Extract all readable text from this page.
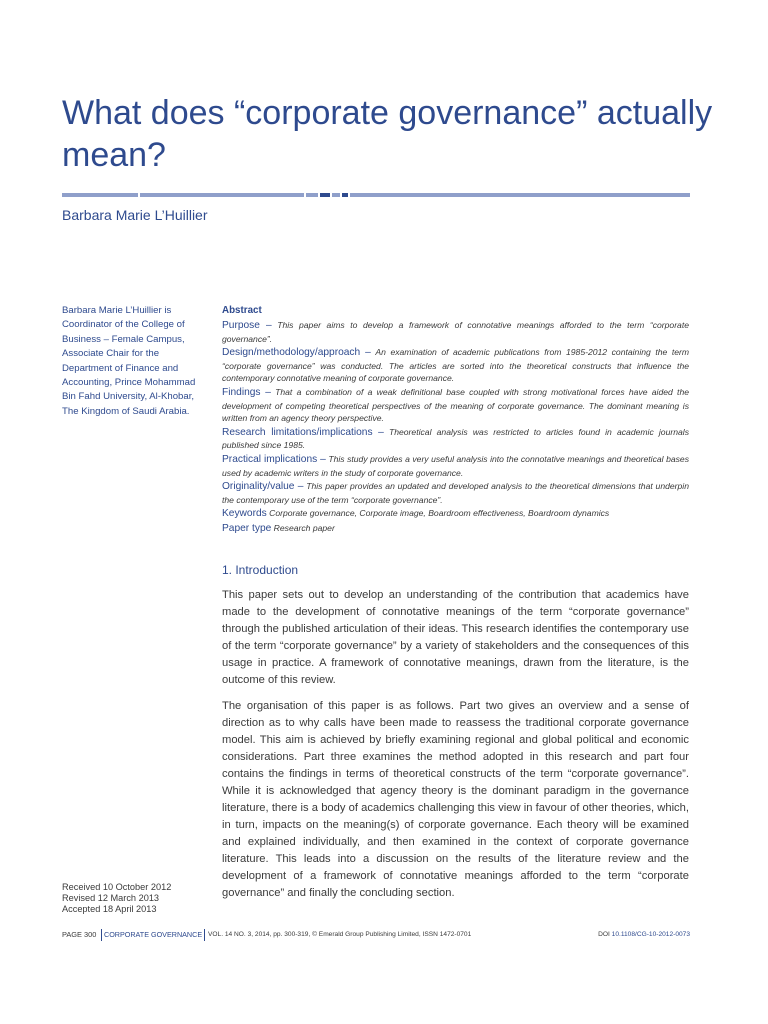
What does “corporate governance” actually mean?
Barbara Marie L’Huillier
Barbara Marie L’Huillier is Coordinator of the College of Business – Female Campus, Associate Chair for the Department of Finance and Accounting, Prince Mohammad Bin Fahd University, Al-Khobar, The Kingdom of Saudi Arabia.
Received 10 October 2012
Revised 12 March 2013
Accepted 18 April 2013
Abstract

Purpose – This paper aims to develop a framework of connotative meanings afforded to the term “corporate governance”.

Design/methodology/approach – An examination of academic publications from 1985-2012 containing the term “corporate governance” was conducted. The articles are sorted into the theoretical constructs that influence the contemporary connotative meaning of corporate governance.

Findings – That a combination of a weak definitional base coupled with strong motivational forces have aided the development of competing theoretical perspectives of the meaning of corporate governance. The dominant meaning is written from an agency theory perspective.

Research limitations/implications – Theoretical analysis was restricted to articles found in academic journals published since 1985.

Practical implications – This study provides a very useful analysis into the connotative meanings and theoretical bases used by academic writers in the study of corporate governance.

Originality/value – This paper provides an updated and developed analysis to the theoretical dimensions that underpin the contemporary use of the term “corporate governance”.

Keywords Corporate governance, Corporate image, Boardroom effectiveness, Boardroom dynamics

Paper type Research paper

1. Introduction

This paper sets out to develop an understanding of the contribution that academics have made to the development of connotative meanings of the term “corporate governance” through the published articulation of their ideas. This research identifies the contemporary use of the term “corporate governance” by a variety of stakeholders and the consequences of this usage in practice. A framework of connotative meanings, drawn from the literature, is the outcome of this review.

The organisation of this paper is as follows. Part two gives an overview and a sense of direction as to why calls have been made to reassess the traditional corporate governance model. This aim is achieved by briefly examining regional and global political and economic considerations. Part three examines the method adopted in this research and part four contains the findings in terms of theoretical constructs of the term “corporate governance”. While it is acknowledged that agency theory is the dominant paradigm in the governance literature, there is a body of academics challenging this view in favour of other theories, which, in turn, impacts on the meaning(s) of corporate governance. Each theory will be examined and explained individually, and then examined in the context of corporate governance literature. This leads into a discussion on the results of the literature review and the development of a framework of connotative meanings afforded to the term “corporate governance” and finally the concluding section.

PAGE 300 CORPORATE GOVERNANCE VOL. 14 NO. 3, 2014, pp. 300-319, © Emerald Group Publishing Limited, ISSN 1472-0701	DOI 10.1108/CG-10-2012-0073
